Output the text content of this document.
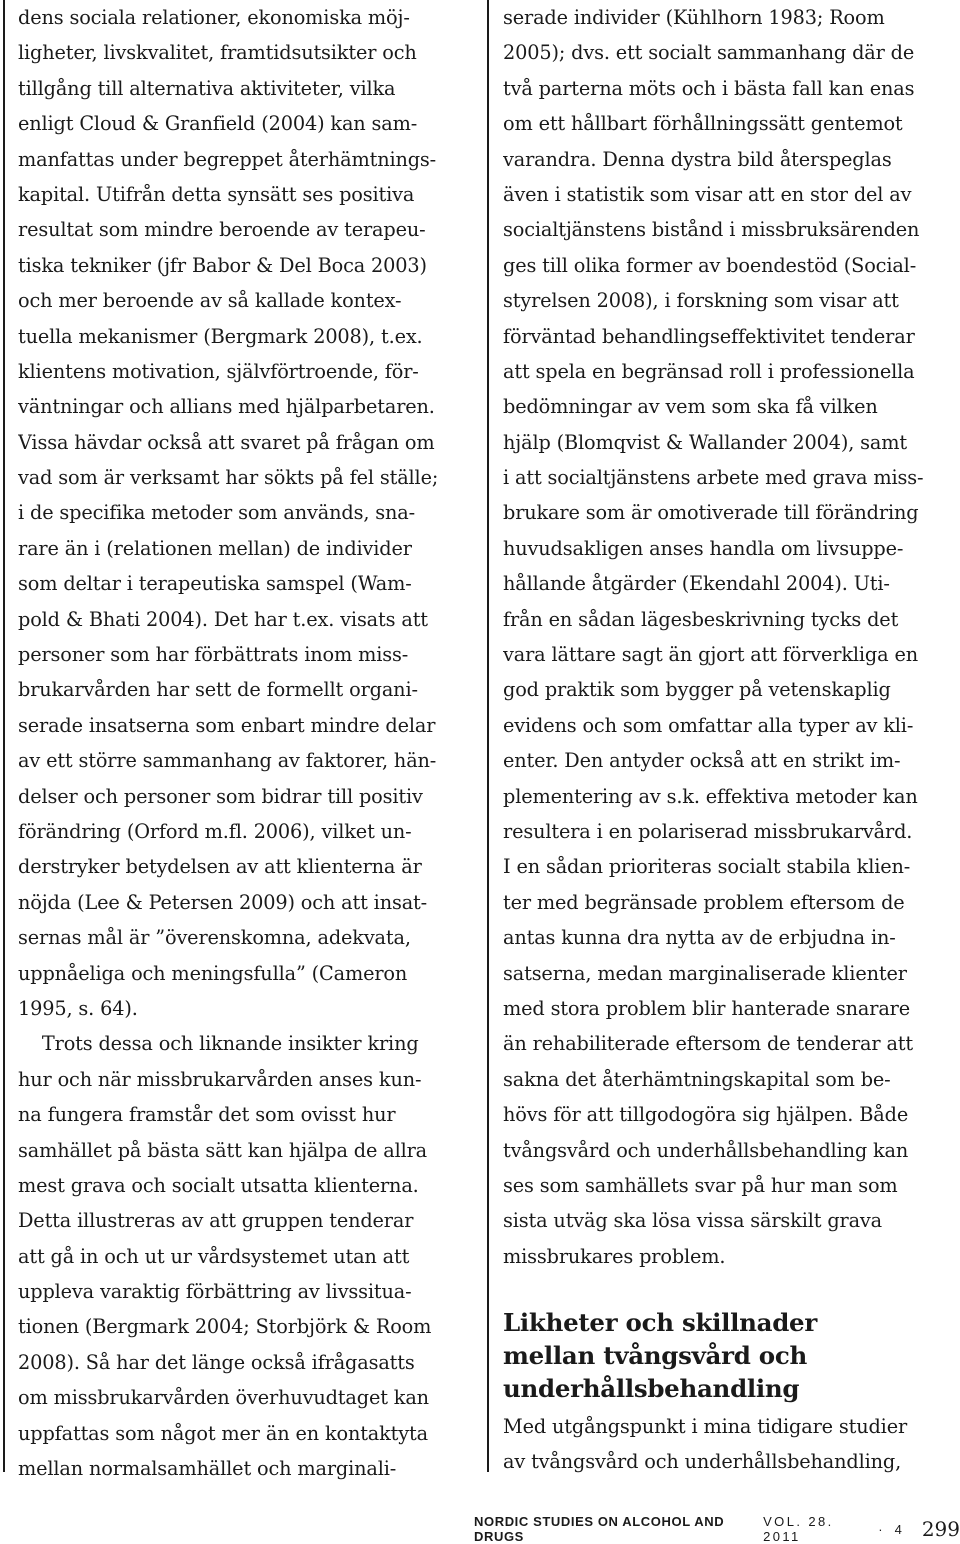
dens sociala relationer, ekonomiska möj-
ligheter, livskvalitet, framtidsutsikter och
tillgång till alternativa aktiviteter, vilka
enligt Cloud & Granfield (2004) kan sam-
manfattas under begreppet återhämtnings-
kapital. Utifrån detta synsätt ses positiva
resultat som mindre beroende av terapeu-
tiska tekniker (jfr Babor & Del Boca 2003)
och mer beroende av så kallade kontex-
tuella mekanismer (Bergmark 2008), t.ex.
klientens motivation, självförtroende, för-
väntningar och allians med hjälparbetaren.
Vissa hävdar också att svaret på frågan om
vad som är verksamt har sökts på fel ställe;
i de specifika metoder som används, sna-
rare än i (relationen mellan) de individer
som deltar i terapeutiska samspel (Wam-
pold & Bhati 2004). Det har t.ex. visats att
personer som har förbättrats inom miss-
brukarvården har sett de formellt organi-
serade insatserna som enbart mindre delar
av ett större sammanhang av faktorer, hän-
delser och personer som bidrar till positiv
förändring (Orford m.fl. 2006), vilket un-
derstryker betydelsen av att klienterna är
nöjda (Lee & Petersen 2009) och att insat-
sernas mål är ”överenskomna, adekvata,
uppnåeliga och meningsfulla” (Cameron
1995, s. 64).
Trots dessa och liknande insikter kring
hur och när missbrukarvården anses kun-
na fungera framstår det som ovisst hur
samhället på bästa sätt kan hjälpa de allra
mest grava och socialt utsatta klienterna.
Detta illustreras av att gruppen tenderar
att gå in och ut ur vårdsystemet utan att
uppleva varaktig förbättring av livssitua-
tionen (Bergmark 2004; Storbjörk & Room
2008). Så har det länge också ifrågasatts
om missbrukarvården överhuvudtaget kan
uppfattas som något mer än en kontaktyta
mellan normalsamhället och marginali-
serade individer (Kühlhorn 1983; Room
2005); dvs. ett socialt sammanhang där de
två parterna möts och i bästa fall kan enas
om ett hållbart förhållningssätt gentemot
varandra. Denna dystra bild återspeglas
även i statistik som visar att en stor del av
socialtjänstens bistånd i missbruksärenden
ges till olika former av boendestöd (Social-
styrelsen 2008), i forskning som visar att
förväntad behandlingseffektivitet tenderar
att spela en begränsad roll i professionella
bedömningar av vem som ska få vilken
hjälp (Blomqvist & Wallander 2004), samt
i att socialtjänstens arbete med grava miss-
brukare som är omotiverade till förändring
huvudsakligen anses handla om livsuppe-
hållande åtgärder (Ekendahl 2004). Uti-
från en sådan lägesbeskrivning tycks det
vara lättare sagt än gjort att förverkliga en
god praktik som bygger på vetenskaplig
evidens och som omfattar alla typer av kli-
enter. Den antyder också att en strikt im-
plementering av s.k. effektiva metoder kan
resultera i en polariserad missbrukarvård.
I en sådan prioriteras socialt stabila klien-
ter med begränsade problem eftersom de
antas kunna dra nytta av de erbjudna in-
satserna, medan marginaliserade klienter
med stora problem blir hanterade snarare
än rehabiliterade eftersom de tenderar att
sakna det återhämtningskapital som be-
hövs för att tillgodogöra sig hjälpen. Både
tvångsvård och underhållsbehandling kan
ses som samhällets svar på hur man som
sista utväg ska lösa vissa särskilt grava
missbrukares problem.
Likheter och skillnader
mellan tvångsvård och
underhållsbehandling
Med utgångspunkt i mina tidigare studier
av tvångsvård och underhållsbehandling,
NORDIC STUDIES ON ALCOHOL AND DRUGS
VOL. 28. 2011	· 4 299
